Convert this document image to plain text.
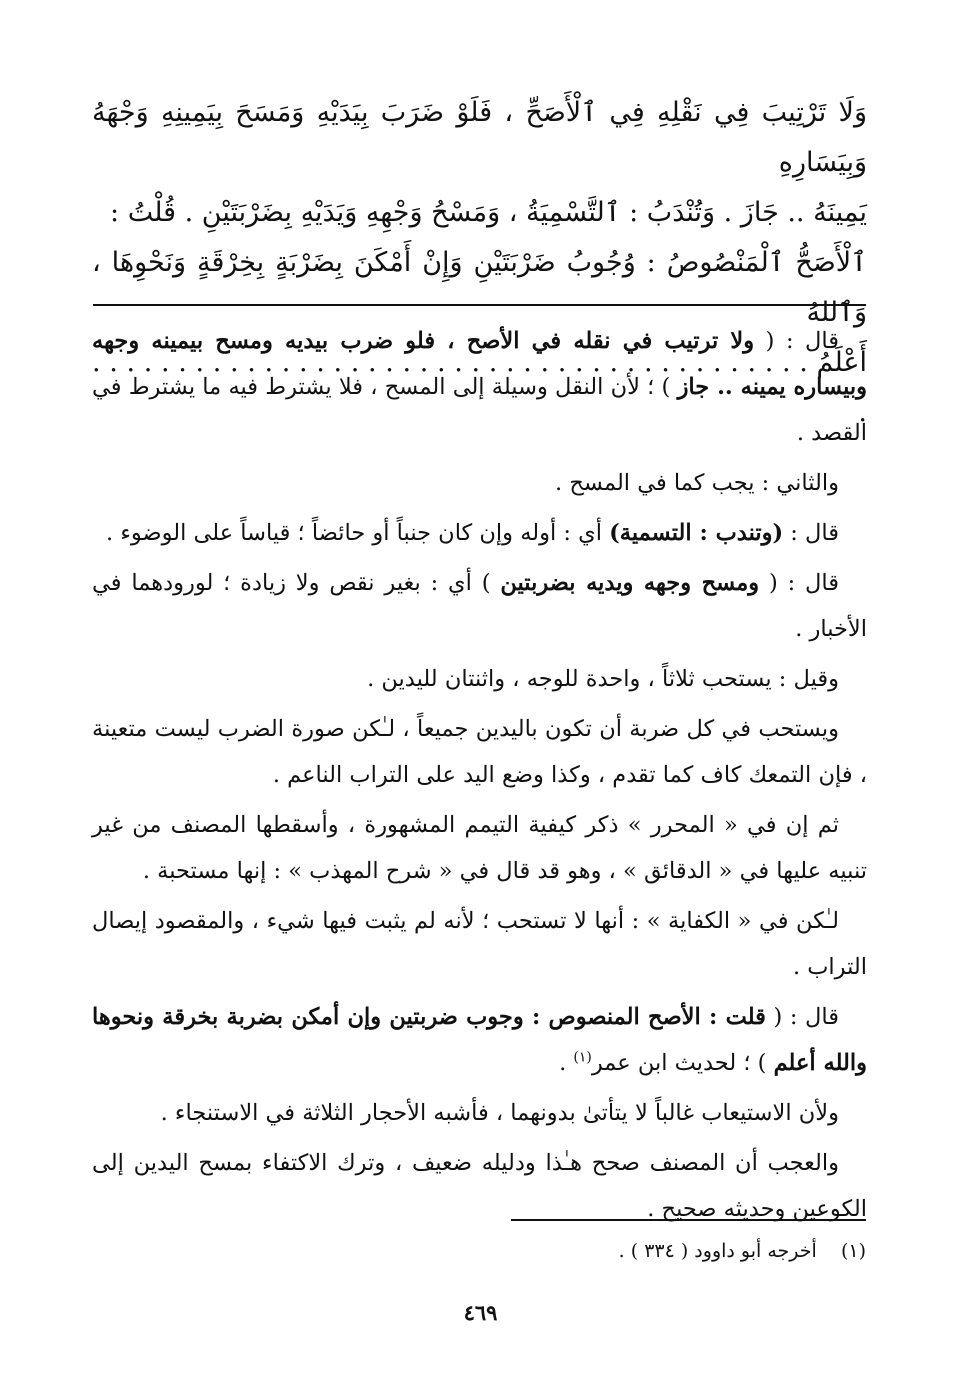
وَلَا تَرْتِيبَ فِي نَقْلِهِ فِي ٱلْأَصَحِّ ، فَلَوْ ضَرَبَ بِيَدَيْهِ وَمَسَحَ بِيَمِينِهِ وَجْهَهُ وَبِيَسَارِهِ
يَمِينَهُ .. جَازَ . وَتُنْدَبُ : ٱلتَّسْمِيَةُ ، وَمَسْحُ وَجْهِهِ وَيَدَيْهِ بِضَرْبَتَيْنِ . قُلْتُ :
ٱلْأَصَحُّ ٱلْمَنْصُوصُ : وُجُوبُ ضَرْبَتَيْنِ وَإِنْ أَمْكَنَ بِضَرْبَةٍ بِخِرْقَةٍ وَنَحْوِهَا ، وَٱللهُ
أَعْلَمُ . . . . . . . . . . . . . . . . . . . . . . . . . . . . . . . . . . . . . . . . . . .

قال : ( ولا ترتيب في نقله في الأصح ، فلو ضرب بيديه ومسح بيمينه وجهه وبيساره يمينه .. جاز ) ؛ لأن النقل وسيلة إلى المسح ، فلا يشترط فيه ما يشترط في القصد .

والثاني : يجب كما في المسح .

قال : (وتندب : التسمية) أي : أوله وإن كان جنباً أو حائضاً ؛ قياساً على الوضوء .

قال : ( ومسح وجهه ويديه بضربتين ) أي : بغير نقص ولا زيادة ؛ لورودهما في الأخبار .

وقيل : يستحب ثلاثاً ، واحدة للوجه ، واثنتان لليدين .

ويستحب في كل ضربة أن تكون باليدين جميعاً ، لـٰكن صورة الضرب ليست متعينة ، فإن التمعك كاف كما تقدم ، وكذا وضع اليد على التراب الناعم .

ثم إن في « المحرر » ذكر كيفية التيمم المشهورة ، وأسقطها المصنف من غير تنبيه عليها في « الدقائق » ، وهو قد قال في « شرح المهذب » : إنها مستحبة .

لـٰكن في « الكفاية » : أنها لا تستحب ؛ لأنه لم يثبت فيها شيء ، والمقصود إيصال التراب .

قال : ( قلت : الأصح المنصوص : وجوب ضربتين وإن أمكن بضربة بخرقة ونحوها والله أعلم ) ؛ لحديث ابن عمر$^{(١)}$ .

ولأن الاستيعاب غالباً لا يتأتىٰ بدونهما ، فأشبه الأحجار الثلاثة في الاستنجاء .

والعجب أن المصنف صحح هـٰذا ودليله ضعيف ، وترك الاكتفاء بمسح اليدين إلى الكوعين وحديثه صحيح .

(١)    أخرجه أبو داوود ( ٣٣٤ ) .
٤٦٩
